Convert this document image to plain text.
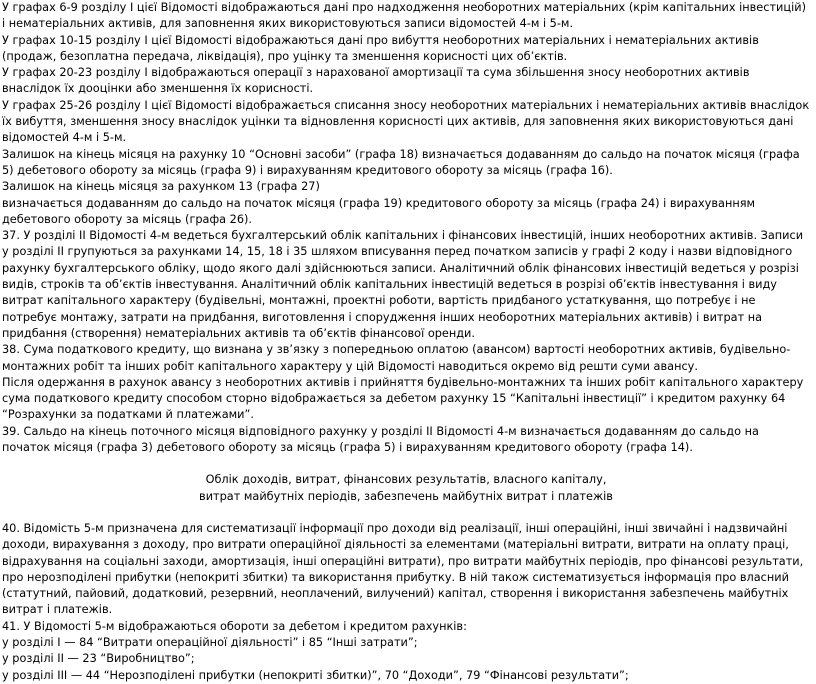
У графах 6-9 розділу І цієї Відомості відображаються дані про надходження необоротних матеріальних (крім капітальних інвестицій) і нематеріальних активів, для заповнення яких використовуються записи відомостей 4-м і 5-м.

У графах 10-15 розділу І цієї Відомості відображаються дані про вибуття необоротних матеріальних і нематеріальних активів (продаж, безоплатна передача, ліквідація), про уцінку та зменшення корисності цих об’єктів.

У графах 20-23 розділу І відображаються операції з нарахованої амортизації та сума збільшення зносу необоротних активів внаслідок їх дооцінки або зменшення їх корисності.

У графах 25-26 розділу І цієї Відомості відображається списання зносу необоротних матеріальних і нематеріальних активів внаслідок їх вибуття, зменшення зносу внаслідок уцінки та відновлення корисності цих активів, для заповнення яких використовуються дані відомостей 4-м і 5-м.

Залишок на кінець місяця на рахунку 10 “Основні засоби” (графа 18) визначається додаванням до сальдо на початок місяця (графа 5) дебетового обороту за місяць (графа 9) і вирахуванням кредитового обороту за місяць (графа 16).

Залишок на кінець місяця за рахунком 13 (графа 27)

визначається додаванням до сальдо на початок місяця (графа 19) кредитового обороту за місяць (графа 24) і вирахуванням дебетового обороту за місяць (графа 26).

37. У розділі ІІ Відомості 4-м ведеться бухгалтерський облік капітальних і фінансових інвестицій, інших необоротних активів. Записи у розділі ІІ групуються за рахунками 14, 15, 18 і 35 шляхом вписування перед початком записів у графі 2 коду і назви відповідного рахунку бухгалтерського обліку, щодо якого далі здійснюються записи. Аналітичний облік фінансових інвестицій ведеться у розрізі видів, строків та об’єктів інвестування. Аналітичний облік капітальних інвестицій ведеться в розрізі об’єктів інвестування і виду витрат капітального характеру (будівельні, монтажні, проектні роботи, вартість придбаного устаткування, що потребує і не потребує монтажу, затрати на придбання, виготовлення і спорудження інших необоротних матеріальних активів) і витрат на придбання (створення) нематеріальних активів та об’єктів фінансової оренди.

38. Сума податкового кредиту, що визнана у зв’язку з попередньою оплатою (авансом) вартості необоротних активів, будівельно-монтажних робіт та інших робіт капітального характеру у цій Відомості наводиться окремо від решти суми авансу.

Після одержання в рахунок авансу з необоротних активів і прийняття будівельно-монтажних та інших робіт капітального характеру сума податкового кредиту способом сторно відображається за дебетом рахунку 15 “Капітальні інвестиції” і кредитом рахунку 64 “Розрахунки за податками й платежами”.

39. Сальдо на кінець поточного місяця відповідного рахунку у розділі ІІ Відомості 4-м визначається додаванням до сальдо на початок місяця (графа 3) дебетового обороту за місяць (графа 5) і вирахуванням кредитового обороту (графа 14).

Облік доходів, витрат, фінансових результатів, власного капіталу,

витрат майбутніх періодів, забезпечень майбутніх витрат і платежів

40. Відомість 5-м призначена для систематизації інформації про доходи від реалізації, інші операційні, інші звичайні і надзвичайні доходи, вирахування з доходу, про витрати операційної діяльності за елементами (матеріальні витрати, витрати на оплату праці, відрахування на соціальні заходи, амортизація, інші операційні витрати), про витрати майбутніх періодів, про фінансові результати, про нерозподілені прибутки (непокриті збитки) та використання прибутку. В ній також систематизується інформація про власний (статутний, пайовий, додатковий, резервний, неоплачений, вилучений) капітал, створення і використання забезпечень майбутніх витрат і платежів.

41. У Відомості 5-м відображаються обороти за дебетом і кредитом рахунків:

у розділі І — 84 “Витрати операційної діяльності” і 85 “Інші затрати”;

у розділі ІІ — 23 “Виробництво”;

у розділі ІІІ — 44 “Нерозподілені прибутки (непокриті збитки)”, 70 “Доходи”, 79 “Фінансові результати”;
